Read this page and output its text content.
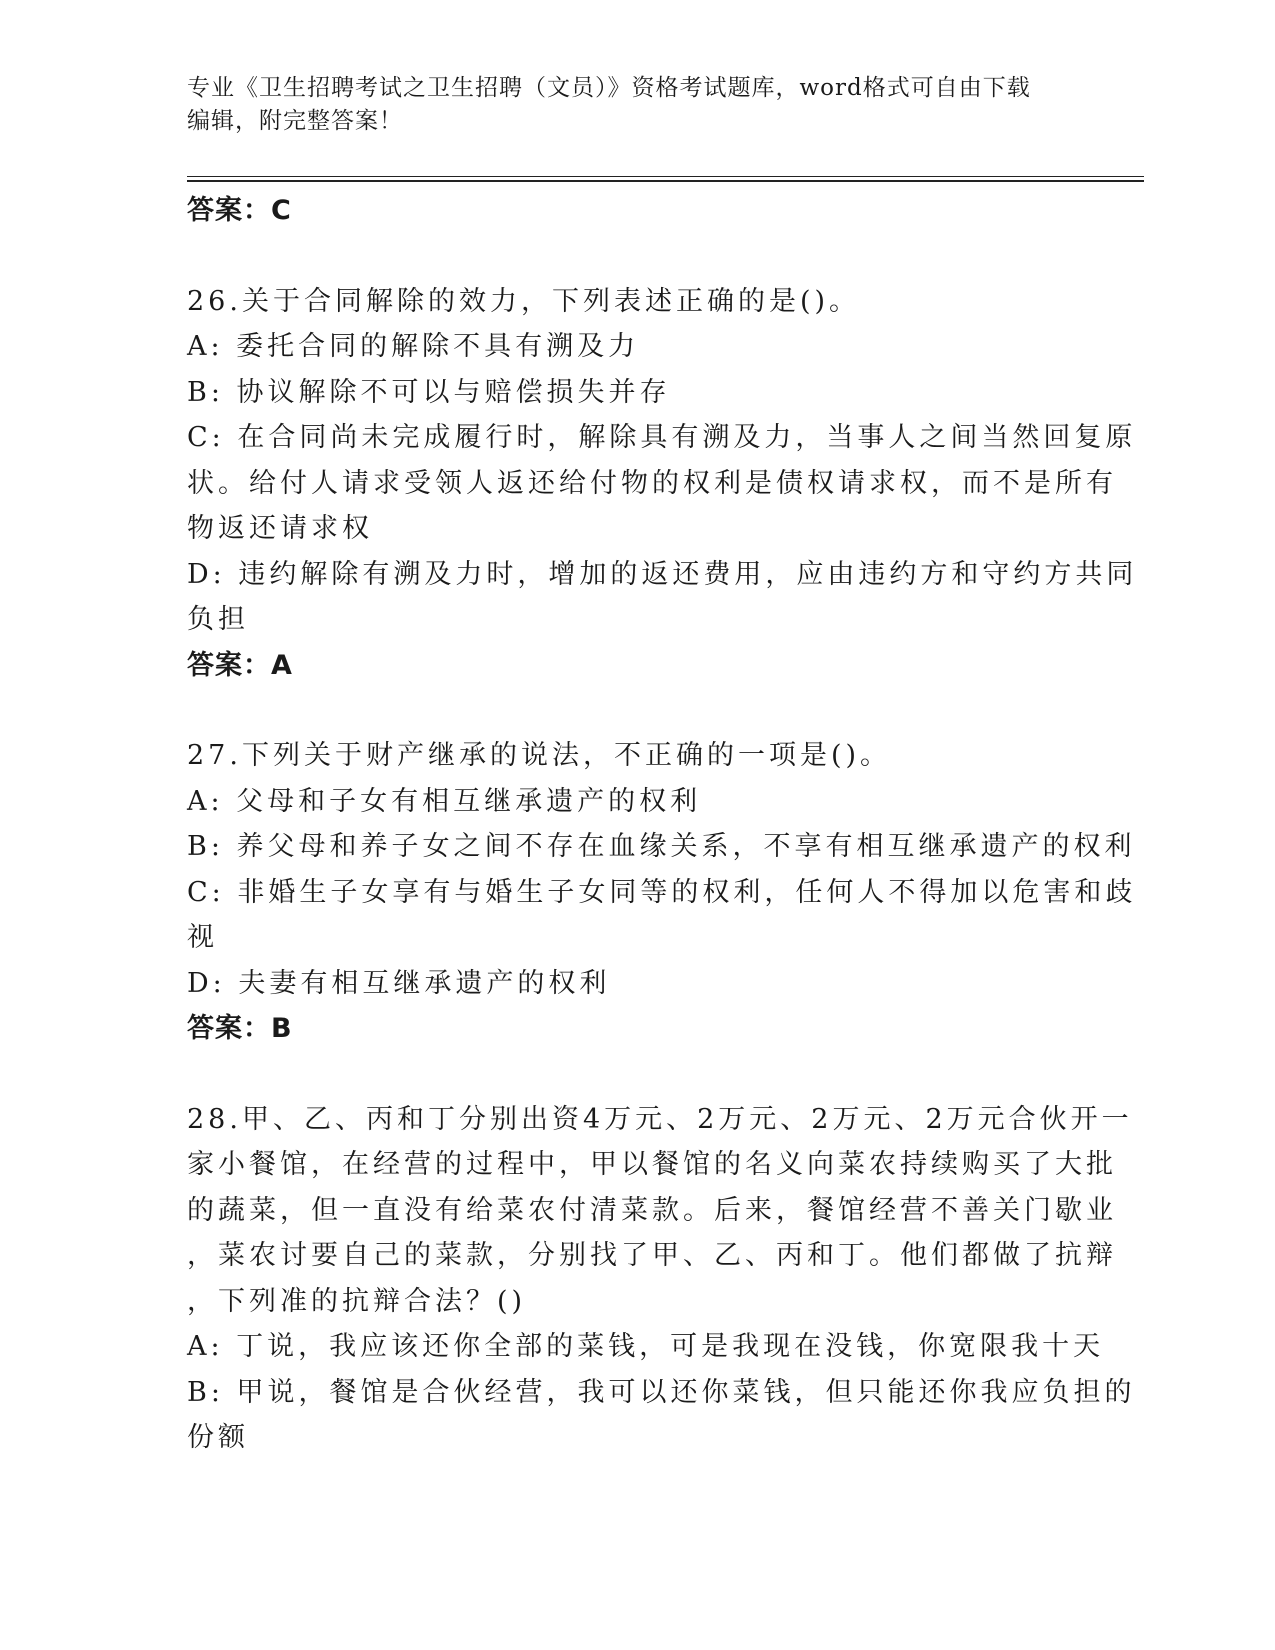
专业《卫生招聘考试之卫生招聘（文员）》资格考试题库，word格式可自由下载
编辑，附完整答案！
答案：C
26.关于合同解除的效力，下列表述正确的是()。
A: 委托合同的解除不具有溯及力
B: 协议解除不可以与赔偿损失并存
C: 在合同尚未完成履行时，解除具有溯及力，当事人之间当然回复原
状。给付人请求受领人返还给付物的权利是债权请求权，而不是所有
物返还请求权
D: 违约解除有溯及力时，增加的返还费用，应由违约方和守约方共同
负担
答案：A
27.下列关于财产继承的说法，不正确的一项是()。
A: 父母和子女有相互继承遗产的权利
B: 养父母和养子女之间不存在血缘关系，不享有相互继承遗产的权利
C: 非婚生子女享有与婚生子女同等的权利，任何人不得加以危害和歧
视
D: 夫妻有相互继承遗产的权利
答案：B
28.甲、乙、丙和丁分别出资4万元、2万元、2万元、2万元合伙开一
家小餐馆，在经营的过程中，甲以餐馆的名义向菜农持续购买了大批
的蔬菜，但一直没有给菜农付清菜款。后来，餐馆经营不善关门歇业
，菜农讨要自己的菜款，分别找了甲、乙、丙和丁。他们都做了抗辩
，下列准的抗辩合法？()
A: 丁说，我应该还你全部的菜钱，可是我现在没钱，你宽限我十天
B: 甲说，餐馆是合伙经营，我可以还你菜钱，但只能还你我应负担的
份额
